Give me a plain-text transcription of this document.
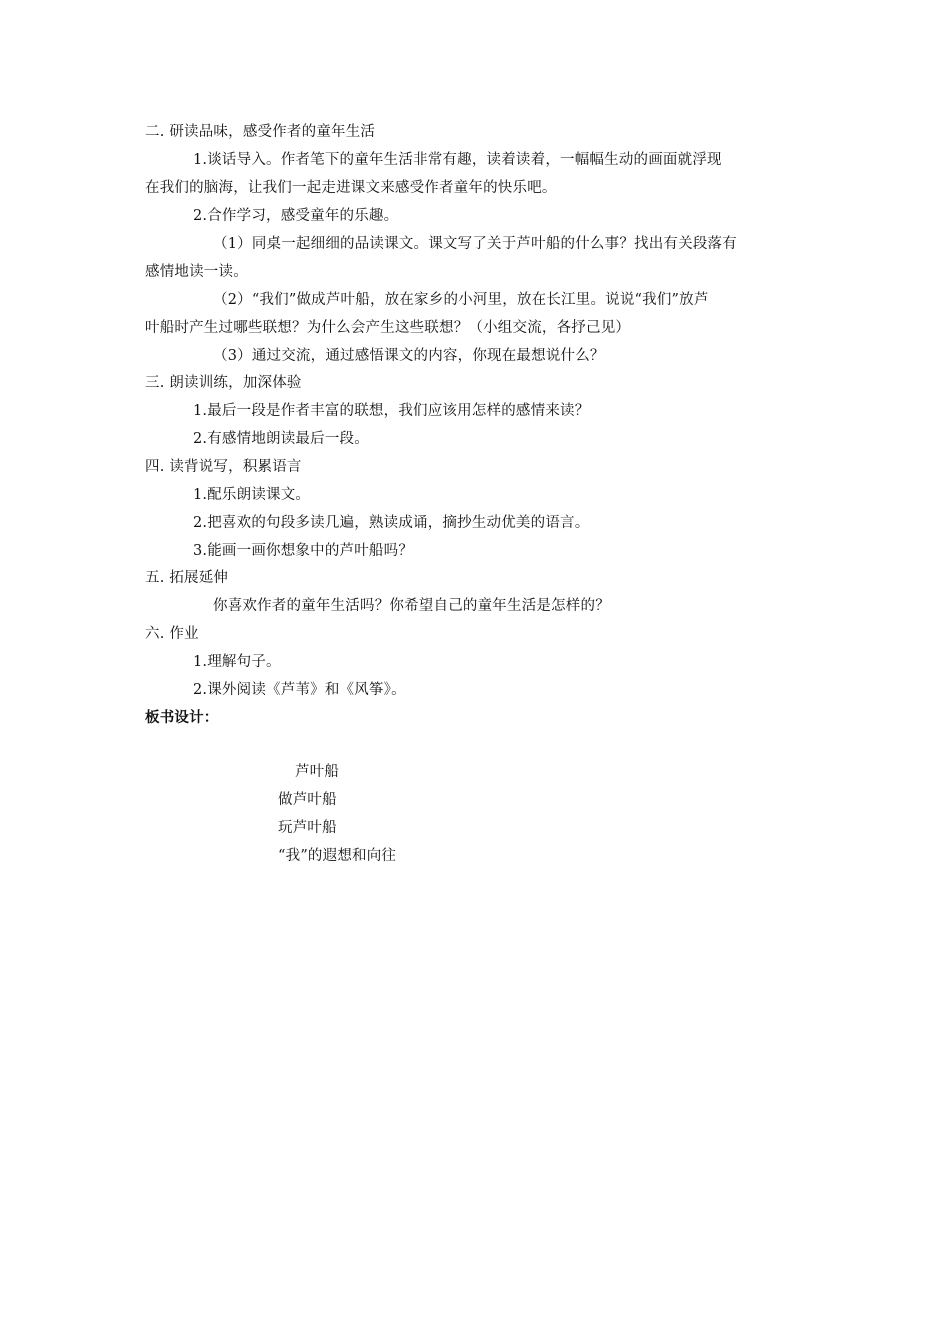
二. 研读品味，感受作者的童年生活
1.谈话导入。作者笔下的童年生活非常有趣，读着读着，一幅幅生动的画面就浮现
在我们的脑海，让我们一起走进课文来感受作者童年的快乐吧。
2.合作学习，感受童年的乐趣。
（1）同桌一起细细的品读课文。课文写了关于芦叶船的什么事？找出有关段落有
感情地读一读。
（2）“我们”做成芦叶船，放在家乡的小河里，放在长江里。说说“我们”放芦
叶船时产生过哪些联想？为什么会产生这些联想？（小组交流，各抒己见）
（3）通过交流，通过感悟课文的内容，你现在最想说什么？
三. 朗读训练，加深体验
1.最后一段是作者丰富的联想，我们应该用怎样的感情来读？
2.有感情地朗读最后一段。
四. 读背说写，积累语言
1.配乐朗读课文。
2.把喜欢的句段多读几遍，熟读成诵，摘抄生动优美的语言。
3.能画一画你想象中的芦叶船吗？
五. 拓展延伸
你喜欢作者的童年生活吗？你希望自己的童年生活是怎样的？
六. 作业
1.理解句子。
2.课外阅读《芦苇》和《风筝》。
板书设计：
芦叶船
做芦叶船
玩芦叶船
“我”的遐想和向往
